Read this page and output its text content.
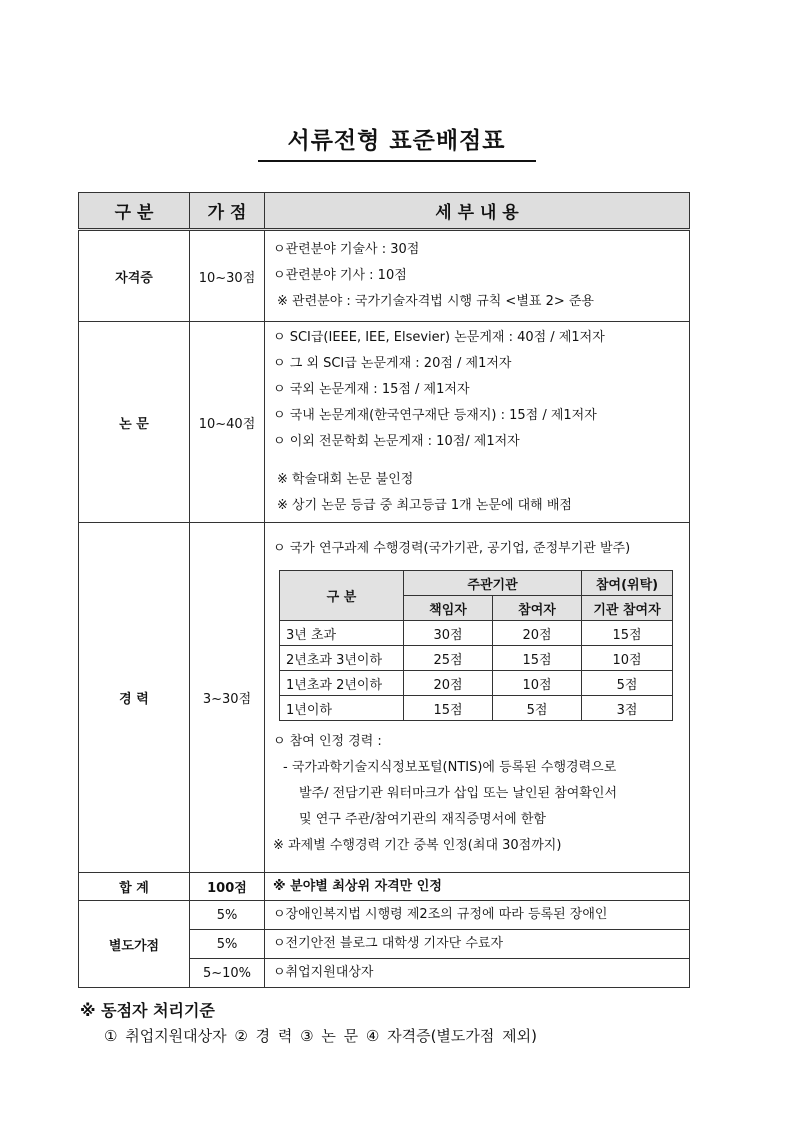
서류전형 표준배점표
구 분	가 점	세 부 내 용
자격증	10~30점	
ㅇ관련분야 기술사 : 30점
ㅇ관련분야 기사 : 10점
※ 관련분야 : 국가기술자격법 시행 규칙 <별표 2> 준용

논 문	10~40점	
ㅇ SCI급(IEEE, IEE, Elsevier) 논문게재 : 40점 / 제1저자
ㅇ 그 외 SCI급 논문게재 : 20점 / 제1저자
ㅇ 국외 논문게재 : 15점 / 제1저자
ㅇ 국내 논문게재(한국연구재단 등재지) : 15점 / 제1저자
ㅇ 이외 전문학회 논문게재 : 10점/ 제1저자
※ 학술대회 논문 불인정
※ 상기 논문 등급 중 최고등급 1개 논문에 대해 배점

경 력	3~30점	
ㅇ 국가 연구과제 수행경력(국가기관, 공기업, 준정부기관 발주)
구 분	주관기관	참여(위탁)
책임자	참여자	기관 참여자
3년 초과	30점	20점	15점
2년초과 3년이하	25점	15점	10점
1년초과 2년이하	20점	10점	5점
1년이하	15점	5점	3점
ㅇ 참여 인정 경력 :
- 국가과학기술지식정보포털(NTIS)에 등록된 수행경력으로
발주/ 전담기관 워터마크가 삽입 또는 날인된 참여확인서
및 연구 주관/참여기관의 재직증명서에 한함
※ 과제별 수행경력 기간 중복 인정(최대 30점까지)

합 계	100점	※ 분야별 최상위 자격만 인정

별도가점	5%	ㅇ장애인복지법 시행령 제2조의 규정에 따라 등록된 장애인

5%	ㅇ전기안전 블로그 대학생 기자단 수료자

5~10%	ㅇ취업지원대상자
※ 동점자 처리기준
① 취업지원대상자 ② 경 력 ③ 논 문 ④ 자격증(별도가점 제외)
